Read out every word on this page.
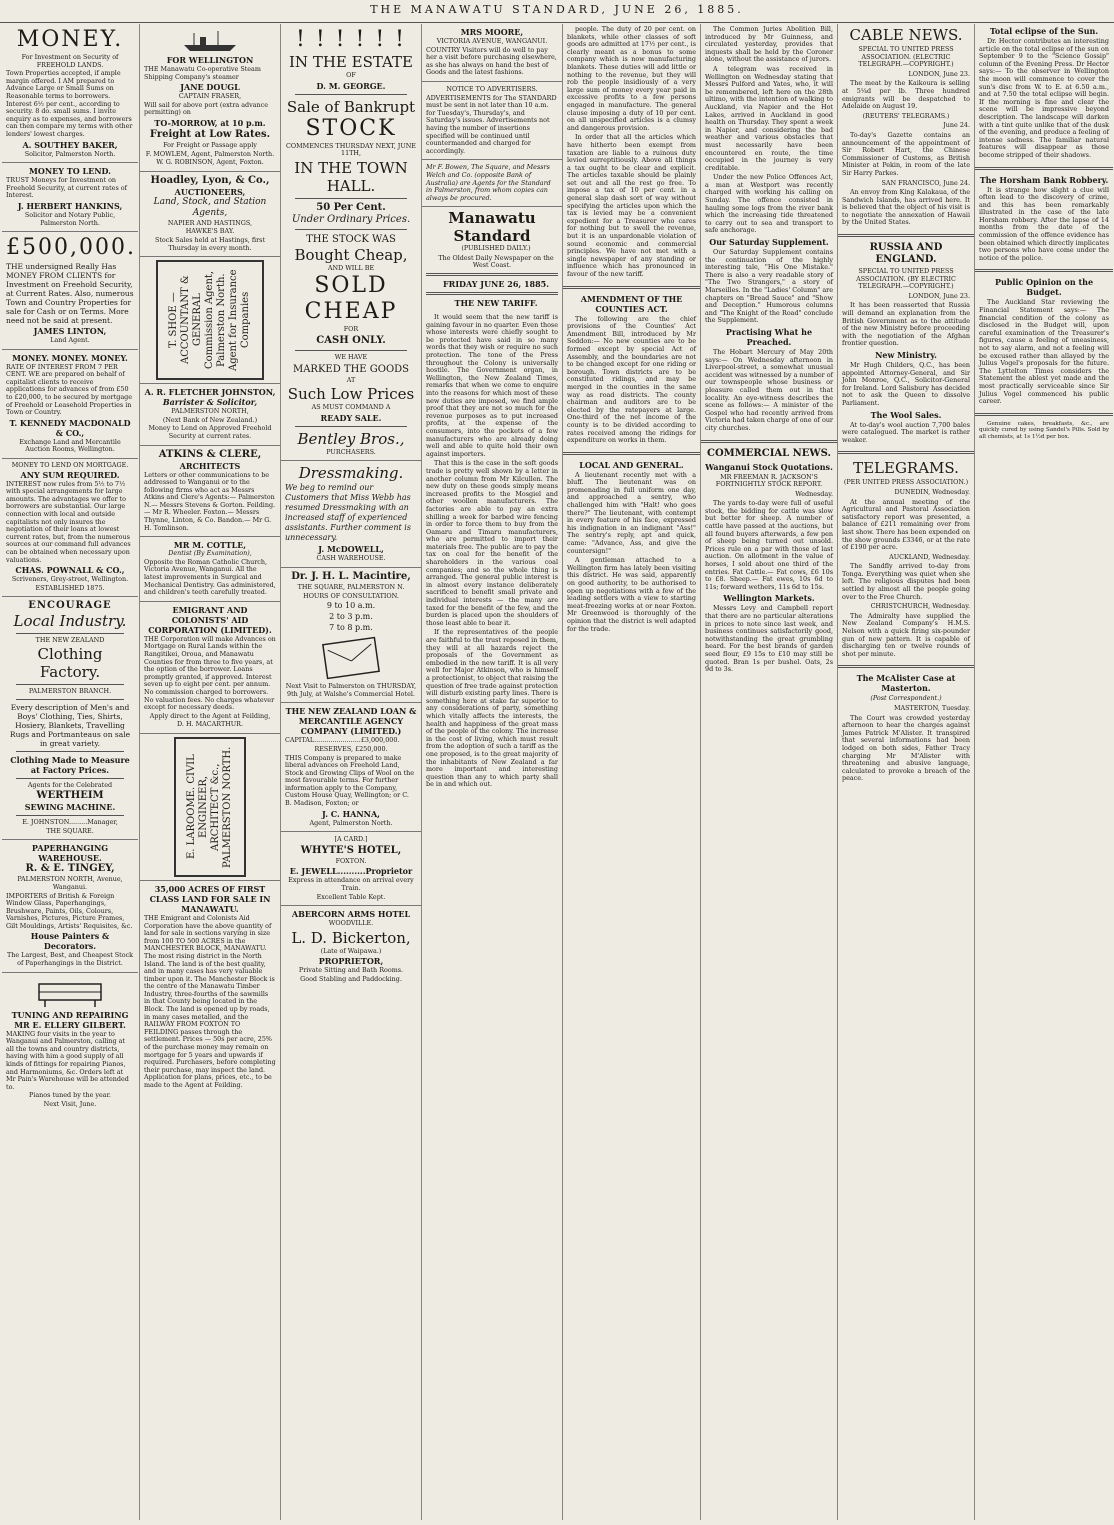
THE MANAWATU STANDARD, JUNE 26, 1885.
MONEY.

For Investment on Security of FREEHOLD LANDS.

Town Properties accepted, if ample margin offered. I AM prepared to Advance Large or Small Sums on Reasonable terms to borrowers. Interest 6½ per cent., according to security. 8 do. small sums. I invite enquiry as to expenses, and borrowers can then compare my terms with other lenders' lowest charges.

A. SOUTHEY BAKER,

Solicitor, Palmerston North.

MONEY TO LEND.

TRUST Moneys for Investment on Freehold Security, at current rates of Interest.

J. HERBERT HANKINS,

Solicitor and Notary Public, Palmerston North.

£500,000.

THE undersigned Really Has MONEY FROM CLIENTS for Investment on Freehold Security, at Current Rates. Also, numerous Town and Country Properties for sale for Cash or on Terms. More need not be said at present.

JAMES LINTON,

Land Agent.

MONEY. MONEY. MONEY.

RATE OF INTEREST FROM 7 PER CENT. WE are prepared on behalf of capitalist clients to receive applications for advances of from £50 to £20,000, to be secured by mortgage of Freehold or Leasehold Properties in Town or Country.

T. KENNEDY MACDONALD & CO.,

Exchange Land and Mercantile Auction Rooms, Wellington.

MONEY TO LEND ON MORTGAGE.
ANY SUM REQUIRED.

INTEREST now rules from 5½ to 7½ with special arrangements for large amounts. The advantages we offer to borrowers are substantial. Our large connection with local and outside capitalists not only insures the negotiation of their loans at lowest current rates, but, from the numerous sources at our command full advances can be obtained when necessary upon valuations.

CHAS. POWNALL & CO.,

Scriveners, Grey-street, Wellington.

ESTABLISHED 1875.

ENCOURAGE
Local Industry.
THE NEW ZEALAND
Clothing Factory.
PALMERSTON BRANCH.

Every description of Men's and Boys' Clothing, Ties, Shirts, Hosiery, Blankets, Travelling Rugs and Portmanteaus on sale in great variety.

Clothing Made to Measure at Factory Prices.

Agents for the Celebrated

WERTHEIM
SEWING MACHINE.

E. JOHNSTON.........Manager,

THE SQUARE.

PAPERHANGING
WAREHOUSE.
R. & E. TINGEY,

PALMERSTON NORTH, Avenue, Wanganui.

IMPORTERS of British & Foreign Window Glass, Paperhangings, Brushware, Paints, Oils, Colours, Varnishes, Pictures, Picture Frames, Gilt Mouldings, Artists' Requisites, &c.

House Painters & Decorators.

The Largest, Best, and Cheapest Stock of Paperhangings in the District.

TUNING AND REPAIRING
MR E. ELLERY GILBERT.

MAKING four visits in the year to Wanganui and Palmerston, calling at all the towns and country districts, having with him a good supply of all kinds of fittings for repairing Pianos, and Harmoniums, &c. Orders left at Mr Pain's Warehouse will be attended to.

Pianos tuned by the year.

Next Visit, June.

FOR WELLINGTON

THE Manawatu Co-operative Steam Shipping Company's steamer

JANE DOUGL

CAPTAIN FRASER,

Will sail for above port (extra advance permitting) on

TO-MORROW, at 10 p.m.

Freight at Low Rates.

For Freight or Passage apply

F. MOWLEM, Agent, Palmerston North.

W. G. ROBINSON, Agent, Foxton.

Hoadley, Lyon, & Co.,
AUCTIONEERS,
Land, Stock, and Station Agents,

NAPIER AND HASTINGS,

HAWKE'S BAY.

Stock Sales held at Hastings, first Thursday in every month.

T. SHOE — ACCOUNTANT & GENERAL Commission Agent, Palmerston North. Agent for Insurance Companies
A. R. FLETCHER JOHNSTON,
Barrister & Solicitor,

PALMERSTON NORTH,

(Next Bank of New Zealand.)

Money to Lend on Approved Freehold Security at current rates.

ATKINS & CLERE,
ARCHITECTS

Letters or other communications to be addressed to Wanganui or to the following firms who act as Messrs Atkins and Clere's Agents:— Palmerston N.— Messrs Stevens & Gorton. Feilding.— Mr R. Wheeler. Foxton.— Messrs Thynne, Linton, & Co. Bandon.— Mr G. H. Tomlinson.

MR M. COTTLE,
Dentist (By Examination),

Opposite the Roman Catholic Church, Victoria Avenue, Wanganui. All the latest improvements in Surgical and Mechanical Dentistry. Gas administered, and children's teeth carefully treated.

EMIGRANT AND COLONISTS' AID CORPORATION (LIMITED).

THE Corporation will make Advances on Mortgage on Rural Lands within the Rangitikei, Oroua, and Manawatu Counties for from three to five years, at the option of the borrower. Loans promptly granted, if approved. Interest seven up to eight per cent. per annum. No commission charged to borrowers. No valuation fees. No charges whatever except for necessary deeds.

Apply direct to the Agent at Feilding,

D. H. MACARTHUR.

E. LAROOME. CIVIL ENGINEER, ARCHITECT &c., PALMERSTON NORTH.
35,000 ACRES OF FIRST CLASS LAND FOR SALE IN MANAWATU.

THE Emigrant and Colonists Aid Corporation have the above quantity of land for sale in sections varying in size from 100 TO 500 ACRES in the MANCHESTER BLOCK, MANAWATU. The most rising district in the North Island. The land is of the best quality, and in many cases has very valuable timber upon it. The Manchester Block is the centre of the Manawatu Timber Industry, three-fourths of the sawmills in that County being located in the Block. The land is opened up by roads, in many cases metalled, and the RAILWAY FROM FOXTON TO FEILDING passes through the settlement. Prices — 50s per acre, 25% of the purchase money may remain on mortgage for 5 years and upwards if required. Purchasers, before completing their purchase, may inspect the land. Application for plans, prices, etc., to be made to the Agent at Feilding.

! ! ! ! ! !
IN THE ESTATE

OF

D. M. GEORGE.
Sale of Bankrupt
STOCK

COMMENCES THURSDAY NEXT, JUNE 11TH,

IN THE TOWN HALL.
50 Per Cent.
Under Ordinary Prices.
THE STOCK WAS
Bought Cheap,

AND WILL BE

SOLD CHEAP

FOR

CASH ONLY.

WE HAVE

MARKED THE GOODS

AT

Such Low Prices

AS MUST COMMAND A

READY SALE.
Bentley Bros.,

PURCHASERS.

Dressmaking.

We beg to remind our Customers that Miss Webb has resumed Dressmaking with an increased staff of experienced assistants. Further comment is unnecessary.

J. McDOWELL,

CASH WAREHOUSE.

Dr. J. H. L. Macintire,

THE SQUARE, PALMERSTON N.

HOURS OF CONSULTATION.

9 to 10 a.m.

2 to 3 p.m.

7 to 8 p.m.

Next Visit to Palmerston on THURSDAY, 9th July, at Walshe's Commercial Hotel.

THE NEW ZEALAND LOAN & MERCANTILE AGENCY COMPANY (LIMITED.)

CAPITAL.......................£3,000,000.

RESERVES, £250,000.

THIS Company is prepared to make liberal advances on Freehold Land, Stock and Growing Clips of Wool on the most favourable terms. For further information apply to the Company, Custom House Quay, Wellington; or C. B. Madison, Foxton; or

J. C. HANNA,

Agent, Palmerston North.

[A CARD.]

WHYTE'S HOTEL,

FOXTON.

E. JEWELL..........Proprietor

Express in attendance on arrival every Train.

Excellent Table Kept.

ABERCORN ARMS HOTEL

WOODVILLE.

L. D. Bickerton,

(Late of Waipawa.)

PROPRIETOR,

Private Sitting and Bath Rooms.

Good Stabling and Paddocking.

MRS MOORE,

VICTORIA AVENUE, WANGANUI.

COUNTRY Visitors will do well to pay her a visit before purchasing elsewhere, as she has always on hand the best of Goods and the latest fashions.

NOTICE TO ADVERTISERS.

ADVERTISEMENTS for The STANDARD must be sent in not later than 10 a.m. for Tuesday's, Thursday's, and Saturday's issues. Advertisements not having the number of insertions specified will be continued until countermanded and charged for accordingly.

Mr F. Bowen, The Square, and Messrs Welch and Co. (opposite Bank of Australia) are Agents for the Standard in Palmerston, from whom copies can always be procured.

Manawatu Standard

(PUBLISHED DAILY.)

The Oldest Daily Newspaper on the West Coast.

FRIDAY JUNE 26, 1885.

THE NEW TARIFF.

It would seem that the new tariff is gaining favour in no quarter. Even those whose interests were chiefly sought to be protected have said in so many words that they wish or require no such protection. The tone of the Press throughout the Colony is universally hostile. The Government organ, in Wellington, the New Zealand Times, remarks that when we come to enquire into the reasons for which most of these new duties are imposed, we find ample proof that they are not so much for the revenue purposes as to put increased profits, at the expense of the consumers, into the pockets of a few manufacturers who are already doing well and able to quite hold their own against importers.

That this is the case in the soft goods trade is pretty well shown by a letter in another column from Mr Kilcullen. The new duty on these goods simply means increased profits to the Mosgiel and other woollen manufacturers. The factories are able to pay an extra shilling a week for barbed wire fencing in order to force them to buy from the Oamaru and Timaru manufacturers, who are permitted to import their materials free. The public are to pay the tax on coal for the benefit of the shareholders in the various coal companies; and so the whole thing is arranged. The general public interest is in almost every instance deliberately sacrificed to benefit small private and individual interests — the many are taxed for the benefit of the few, and the burden is placed upon the shoulders of those least able to bear it.

If the representatives of the people are faithful to the trust reposed in them, they will at all hazards reject the proposals of the Government as embodied in the new tariff. It is all very well for Major Atkinson, who is himself a protectionist, to object that raising the question of free trade against protection will disturb existing party lines. There is something here at stake far superior to any considerations of party, something which vitally affects the interests, the health and happiness of the great mass of the people of the colony. The increase in the cost of living, which must result from the adoption of such a tariff as the one proposed, is to the great majority of the inhabitants of New Zealand a far more important and interesting question than any to which party shall be in and which out.

people. The duty of 20 per cent. on blankets, while other classes of soft goods are admitted at 17½ per cent., is clearly meant as a bonus to some company which is now manufacturing blankets. These duties will add little or nothing to the revenue, but they will rob the people insidiously of a very large sum of money every year paid in excessive profits to a few persons engaged in manufacture. The general clause imposing a duty of 10 per cent. on all unspecified articles is a clumsy and dangerous provision.

In order that all the articles which have hitherto been exempt from taxation are liable to a ruinous duty levied surreptitiously. Above all things a tax ought to be clear and explicit. The articles taxable should be plainly set out and all the rest go free. To impose a tax of 10 per cent. in a general slap dash sort of way without specifying the articles upon which the tax is levied may be a convenient expedient for a Treasurer who cares for nothing but to swell the revenue, but it is an unpardonable violation of sound economic and commercial principles. We have not met with a single newspaper of any standing or influence which has pronounced in favour of the new tariff.

AMENDMENT OF THE COUNTIES ACT.

The following are the chief provisions of the Counties' Act Amendment Bill, introduced by Mr Seddon:— No new counties are to be formed except by special Act of Assembly, and the boundaries are not to be changed except for one riding or borough. Town districts are to be constituted ridings, and may be merged in the counties in the same way as road districts. The county chairman and auditors are to be elected by the ratepayers at large. One-third of the net income of the county is to be divided according to rates received among the ridings for expenditure on works in them.

LOCAL AND GENERAL.

A lieutenant recently met with a bluff. The lieutenant was on promenading in full uniform one day, and approached a sentry, who challenged him with "Halt! who goes there?" The lieutenant, with contempt in every feature of his face, expressed his indignation in an indignant "Ass!" The sentry's reply, apt and quick, came: "Advance, Ass, and give the countersign!"

A gentleman attached to a Wellington firm has lately been visiting this district. He was said, apparently on good authority, to be authorised to open up negotiations with a few of the leading settlers with a view to starting meat-freezing works at or near Foxton. Mr Greenwood is thoroughly of the opinion that the district is well adapted for the trade.

The Common Juries Abolition Bill, introduced by Mr Guinness, and circulated yesterday, provides that inquests shall be held by the Coroner alone, without the assistance of jurors.

A telegram was received in Wellington on Wednesday stating that Messrs Pulford and Yates, who, it will be remembered, left here on the 28th ultimo, with the intention of walking to Auckland, via Napier and the Hot Lakes, arrived in Auckland in good health on Thursday. They spent a week in Napier, and considering the bad weather and various obstacles that must necessarily have been encountered en route, the time occupied in the journey is very creditable.

Under the new Police Offences Act, a man at Westport was recently charged with working his calling on Sunday. The offence consisted in hauling some logs from the river bank which the increasing tide threatened to carry out to sea and transport to safe anchorage.

Our Saturday Supplement.

Our Saturday Supplement contains the continuation of the highly interesting tale, "His One Mistake." There is also a very readable story of "The Two Strangers," a story of Marseilles. In the "Ladies' Column" are chapters on "Bread Sauce" and "Show and Deception." Humorous columns and "The Knight of the Road" conclude the Supplement.

Practising What he Preached.

The Hobart Mercury of May 20th says:— On Wednesday afternoon in Liverpool-street, a somewhat unusual accident was witnessed by a number of our townspeople whose business or pleasure called them out in that locality. An eye-witness describes the scene as follows:— A minister of the Gospel who had recently arrived from Victoria had taken charge of one of our city churches.

COMMERCIAL NEWS.

Wanganui Stock Quotations.

MR FREEMAN R. JACKSON'S FORTNIGHTLY STOCK REPORT.

Wednesday.

The yards to-day were full of useful stock, the bidding for cattle was slow but better for sheep. A number of cattle have passed at the auctions, but all found buyers afterwards, a few pen of sheep being turned out unsold. Prices rule on a par with those of last auction. On allotment in the value of horses, I sold about one third of the entries. Fat Cattle.— Fat cows, £6 10s to £8. Sheep.— Fat ewes, 10s 6d to 11s; forward wethers, 11s 6d to 15s.

Wellington Markets.

Messrs Levy and Campbell report that there are no particular alterations in prices to note since last week, and business continues satisfactorily good, notwithstanding the great grumbling heard. For the best brands of garden seed flour, £9 15s to £10 may still be quoted. Bran 1s per bushel. Oats, 2s 9d to 3s.

CABLE NEWS.

SPECIAL TO UNITED PRESS ASSOCIATION. (ELECTRIC TELEGRAPH.—COPYRIGHT.)

LONDON, June 23.

The meat by the Kaikoura is selling at 5¼d per lb. Three hundred emigrants will be despatched to Adelaide on August 19.

(REUTERS' TELEGRAMS.)

June 24.

To-day's Gazette contains an announcement of the appointment of Sir Robert Hart, the Chinese Commissioner of Customs, as British Minister at Pekin, in room of the late Sir Harry Parkes.

SAN FRANCISCO, June 24.

An envoy from King Kalakaua, of the Sandwich Islands, has arrived here. It is believed that the object of his visit is to negotiate the annexation of Hawaii by the United States.

RUSSIA AND ENGLAND.

SPECIAL TO UNITED PRESS ASSOCIATION. (BY ELECTRIC TELEGRAPH.—COPYRIGHT.)

LONDON, June 23.

It has been reasserted that Russia will demand an explanation from the British Government as to the attitude of the new Ministry before proceeding with the negotiation of the Afghan frontier question.

New Ministry.

Mr Hugh Childers, Q.C., has been appointed Attorney-General, and Sir John Monroe, Q.C., Solicitor-General for Ireland. Lord Salisbury has decided not to ask the Queen to dissolve Parliament.

The Wool Sales.

At to-day's wool auction 7,700 bales were catalogued. The market is rather weaker.

TELEGRAMS.

(PER UNITED PRESS ASSOCIATION.)

DUNEDIN, Wednesday.

At the annual meeting of the Agricultural and Pastoral Association satisfactory report was presented, a balance of £211 remaining over from last show. There has been expended on the show grounds £3346, or at the rate of £190 per acre.

AUCKLAND, Wednesday.

The Sandfly arrived to-day from Tonga. Everything was quiet when she left. The religious disputes had been settled by almost all the people going over to the Free Church.

CHRISTCHURCH, Wednesday.

The Admiralty have supplied the New Zealand Company's H.M.S. Nelson with a quick firing six-pounder gun of new pattern. It is capable of discharging ten or twelve rounds of shot per minute.

The McAlister Case at Masterton.

(Post Correspondent.)

MASTERTON, Tuesday.

The Court was crowded yesterday afternoon to hear the charges against James Patrick M'Alister. It transpired that several informations had been lodged on both sides, Father Tracy charging Mr M'Alister with threatening and abusive language, calculated to provoke a breach of the peace.

Total eclipse of the Sun.

Dr. Hector contributes an interesting article on the total eclipse of the sun on September 9 to the "Science Gossip" column of the Evening Press. Dr Hector says:— To the observer in Wellington the moon will commence to cover the sun's disc from W. to E. at 6.50 a.m., and at 7.50 the total eclipse will begin. If the morning is fine and clear the scene will be impressive beyond description. The landscape will darken with a tint quite unlike that of the dusk of the evening, and produce a feeling of intense sadness. The familiar natural features will disappear as those become stripped of their shadows.

The Horsham Bank Robbery.

It is strange how slight a clue will often lead to the discovery of crime, and this has been remarkably illustrated in the case of the late Horsham robbery. After the lapse of 14 months from the date of the commission of the offence evidence has been obtained which directly implicates two persons who have come under the notice of the police.

Public Opinion on the Budget.

The Auckland Star reviewing the Financial Statement says:— The financial condition of the colony as disclosed in the Budget will, upon careful examination of the Treasurer's figures, cause a feeling of uneasiness, not to say alarm, and not a feeling will be excused rather than allayed by the Julius Vogel's proposals for the future. The Lyttelton Times considers the Statement the ablest yet made and the most practically serviceable since Sir Julius Vogel commenced his public career.

Genuine cakes, breakfasts, &c., are quickly cured by using Sandel's Pills. Sold by all chemists, at 1s 1½d per box.
